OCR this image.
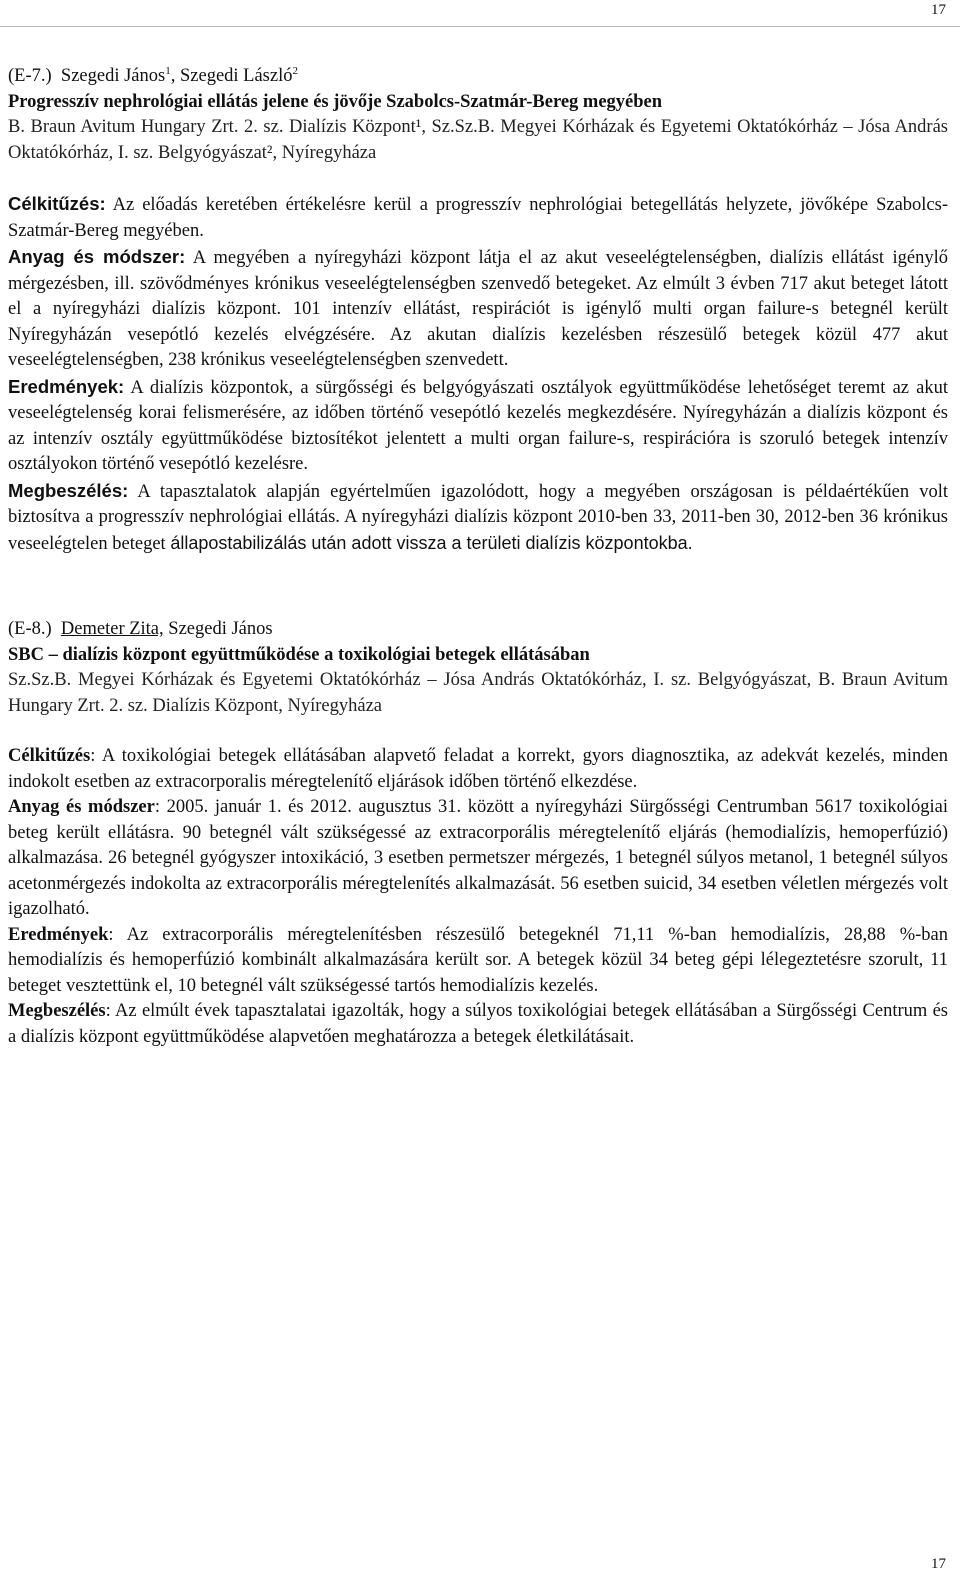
17

(E-7.) Szegedi János$^1$, Szegedi László$^2$

Progresszív nephrológiai ellátás jelene és jövője Szabolcs-Szatmár-Bereg megyében

B. Braun Avitum Hungary Zrt. 2. sz. Dialízis Központ¹, Sz.Sz.B. Megyei Kórházak és Egyetemi Oktatókórház – Jósa András Oktatókórház, I. sz. Belgyógyászat², Nyíregyháza

Célkitűzés: Az előadás keretében értékelésre kerül a progresszív nephrológiai betegellátás helyzete, jövőképe Szabolcs-Szatmár-Bereg megyében.

Anyag és módszer: A megyében a nyíregyházi központ látja el az akut veseelégtelenségben, dialízis ellátást igénylő mérgezésben, ill. szövődményes krónikus veseelégtelenségben szenvedő betegeket. Az elmúlt 3 évben 717 akut beteget látott el a nyíregyházi dialízis központ. 101 intenzív ellátást, respirációt is igénylő multi organ failure-s betegnél került Nyíregyházán vesepótló kezelés elvégzésére. Az akutan dialízis kezelésben részesülő betegek közül 477 akut veseelégtelenségben, 238 krónikus veseelégtelenségben szenvedett.

Eredmények: A dialízis központok, a sürgősségi és belgyógyászati osztályok együttműködése lehetőséget teremt az akut veseelégtelenség korai felismerésére, az időben történő vesepótló kezelés megkezdésére. Nyíregyházán a dialízis központ és az intenzív osztály együttműködése biztosítékot jelentett a multi organ failure-s, respirációra is szoruló betegek intenzív osztályokon történő vesepótló kezelésre.

Megbeszélés: A tapasztalatok alapján egyértelműen igazolódott, hogy a megyében országosan is példaértékűen volt biztosítva a progresszív nephrológiai ellátás. A nyíregyházi dialízis központ 2010-ben 33, 2011-ben 30, 2012-ben 36 krónikus veseelégtelen beteget állapostabilizálás után adott vissza a területi dialízis központokba.

(E-8.) Demeter Zita, Szegedi János

SBC – dialízis központ együttműködése a toxikológiai betegek ellátásában

Sz.Sz.B. Megyei Kórházak és Egyetemi Oktatókórház – Jósa András Oktatókórház, I. sz. Belgyógyászat, B. Braun Avitum Hungary Zrt. 2. sz. Dialízis Központ, Nyíregyháza

Célkitűzés: A toxikológiai betegek ellátásában alapvető feladat a korrekt, gyors diagnosztika, az adekvát kezelés, minden indokolt esetben az extracorporalis méregtelenítő eljárások időben történő elkezdése.

Anyag és módszer: 2005. január 1. és 2012. augusztus 31. között a nyíregyházi Sürgősségi Centrumban 5617 toxikológiai beteg került ellátásra. 90 betegnél vált szükségessé az extracorporális méregtelenítő eljárás (hemodialízis, hemoperfúzió) alkalmazása. 26 betegnél gyógyszer intoxikáció, 3 esetben permetszer mérgezés, 1 betegnél súlyos metanol, 1 betegnél súlyos acetonmérgezés indokolta az extracorporális méregtelenítés alkalmazását. 56 esetben suicid, 34 esetben véletlen mérgezés volt igazolható.

Eredmények: Az extracorporális méregtelenítésben részesülő betegeknél 71,11 %-ban hemodialízis, 28,88 %-ban hemodialízis és hemoperfúzió kombinált alkalmazására került sor. A betegek közül 34 beteg gépi lélegeztetésre szorult, 11 beteget vesztettünk el, 10 betegnél vált szükségessé tartós hemodialízis kezelés.

Megbeszélés: Az elmúlt évek tapasztalatai igazolták, hogy a súlyos toxikológiai betegek ellátásában a Sürgősségi Centrum és a dialízis központ együttműködése alapvetően meghatározza a betegek életkilátásait.

17
